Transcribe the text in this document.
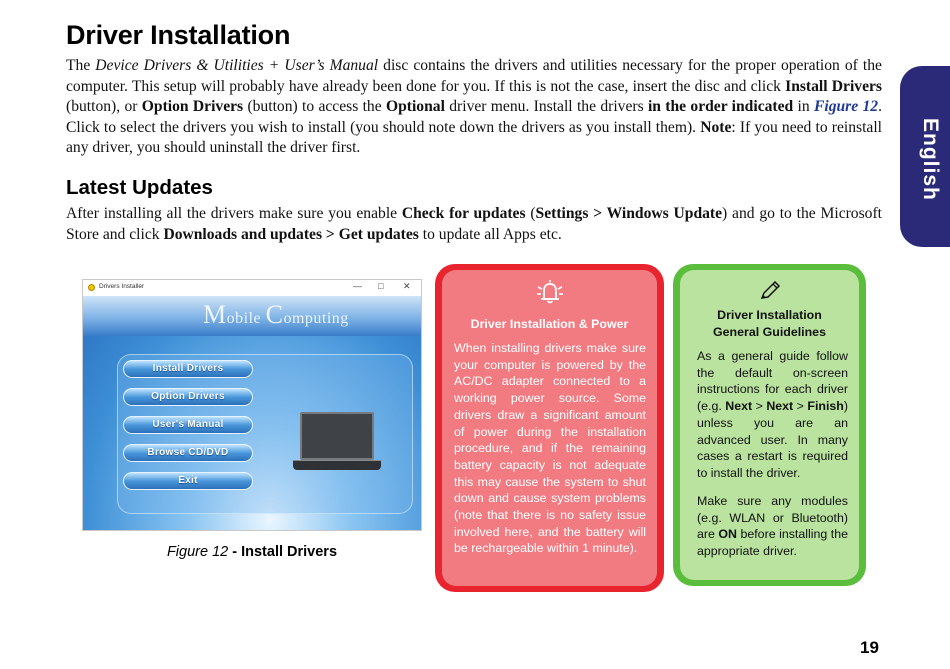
Driver Installation

The Device Drivers & Utilities + User’s Manual disc contains the drivers and utilities necessary for the proper operation of the computer. This setup will probably have already been done for you. If this is not the case, insert the disc and click Install Drivers (button), or Option Drivers (button) to access the Optional driver menu. Install the drivers in the order indicated in Figure 12. Click to select the drivers you wish to install (you should note down the drivers as you install them). Note: If you need to reinstall any driver, you should uninstall the driver first.

Latest Updates

After installing all the drivers make sure you enable Check for updates (Settings > Windows Update) and go to the Microsoft Store and click Downloads and updates > Get updates to update all Apps etc.

English
Drivers Installer	— □ ✕
Mobile Computing
Install Drivers
Option Drivers
User's Manual
Browse CD/DVD
Exit
Figure 12 - Install Drivers
Driver Installation & Power
When installing drivers make sure your computer is powered by the AC/DC adapter connected to a working power source. Some drivers draw a significant amount of power during the installation procedure, and if the remaining battery capacity is not adequate this may cause the system to shut down and cause system problems (note that there is no safety issue involved here, and the battery will be rechargeable within 1 minute).
Driver Installation
General Guidelines
As a general guide follow the default on-screen instructions for each driver (e.g. Next > Next > Finish) unless you are an advanced user. In many cases a restart is required to install the driver.
Make sure any modules (e.g. WLAN or Bluetooth) are ON before installing the appropriate driver.
19
